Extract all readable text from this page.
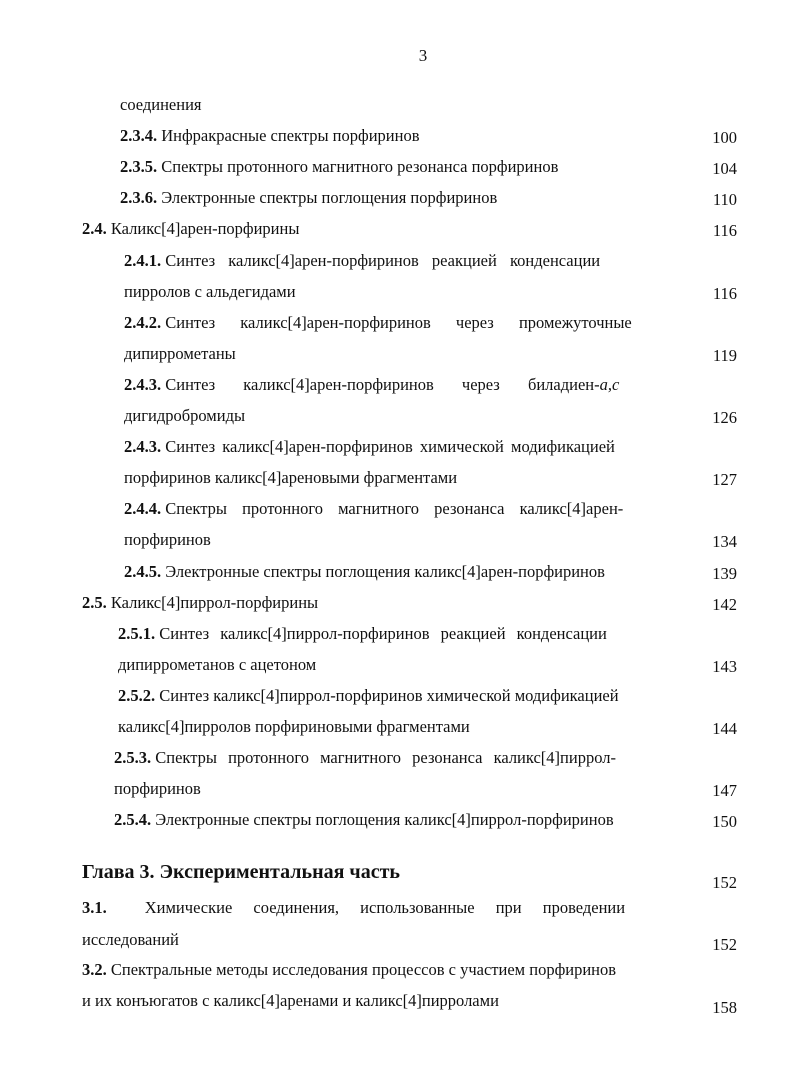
3
соединения
2.3.4. Инфракрасные спектры порфиринов	100
2.3.5. Спектры протонного магнитного резонанса порфиринов	104
2.3.6. Электронные спектры поглощения порфиринов	110
2.4. Каликс[4]арен-порфирины	116
2.4.1. Синтез каликс[4]арен-порфиринов реакцией конденсации
пирролов с альдегидами	116
2.4.2. Синтез каликс[4]арен-порфиринов через промежуточные
дипиррометаны	119
2.4.3. Синтез каликс[4]арен-порфиринов через биладиен-a,c
дигидробромиды	126
2.4.3. Синтез каликс[4]арен-порфиринов химической модификацией
порфиринов каликс[4]ареновыми фрагментами	127
2.4.4. Спектры протонного магнитного резонанса каликс[4]арен-
порфиринов	134
2.4.5. Электронные спектры поглощения каликс[4]арен-порфиринов	139
2.5. Каликс[4]пиррол-порфирины	142
2.5.1. Синтез каликс[4]пиррол-порфиринов реакцией конденсации
дипиррометанов с ацетоном	143
2.5.2. Синтез каликс[4]пиррол-порфиринов химической модификацией
каликс[4]пирролов порфириновыми фрагментами	144
2.5.3. Спектры протонного магнитного резонанса каликс[4]пиррол-
порфиринов	147
2.5.4. Электронные спектры поглощения каликс[4]пиррол-порфиринов	150
Глава 3. Экспериментальная часть	152
3.1. Химические соединения, использованные при проведении
исследований	152
3.2. Спектральные методы исследования процессов с участием порфиринов
и их конъюгатов с каликс[4]аренами и каликс[4]пирролами	158
